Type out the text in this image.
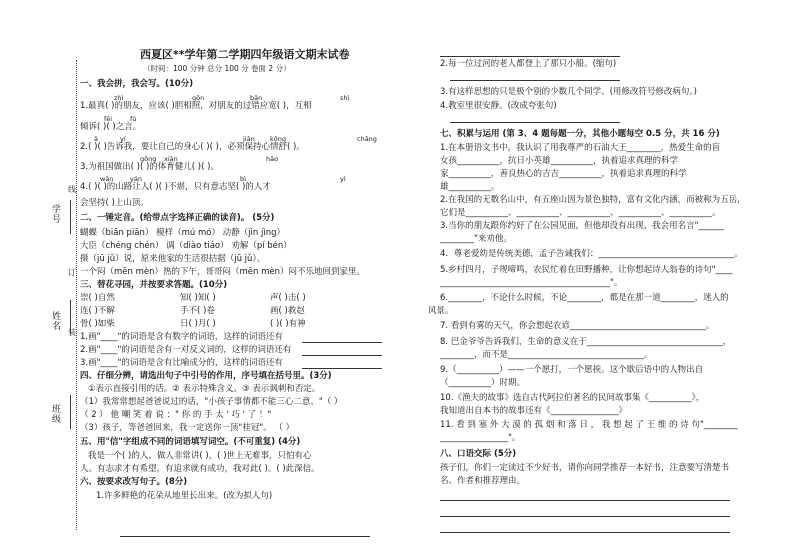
学号
姓名
班级
线
订
装
西夏区**学年第二学期四年级语文期末试卷
（时间：100 分钟 总分 100 分 卷面 2 分）
一、我会拼，我会写。(10分)
zhì	gōn	bān	shì
1.最真( )的朋友，应该( )胆相照，对朋友的过错应宽( )，互相
fěi	fǔ
倾诉( )( )之言。
ā	yí	jiān kōng	chāng
2.( )( )告诉我，要让自己的身心( )( )，必须保持心情舒( )。
gōng xiān	hǎo
3.为祖国做出( )( )的体育健儿( )( )。
wān	yán	bì	yì
4.( )( )的山路让人( )( )不堪，只有意志坚( )的人才
会坚持( )上山顶。
二、一锤定音。(给带点字选择正确的读音)。 (5分)
蝴蝶（biān piān） 模样（mú mó） 动静（jìn jìng）
大臣（chéng chén） 调（diào tiáo） 劝解（pí bén）
摄（jū jǔ）说，原来他家的生活很拮据（jū jǔ）。
一个闷（mēn mèn）热的下午，哥哥闷（mēn mèn）闷不乐地回到家里。
三、替花寻园，并按要求答题。(10分)
崇( )自然	知( )知( )	声( )击( )
连( )不解	手不( )卷	画( )救赵
骨( )如柴	日( )月( )	( )( )有神
1.画"____"的词语是含有数字的词语，这样的词语还有
2.画"____"的词语是含有一对反义词的，这样的词语还有
3.画"____"的词语是含有比喻成分的，这样的词语还有
四、仔细分辨，请选出句子中引号的作用，序号填在括号里。(3分)
①表示直接引用的话。② 表示特殊含义。③ 表示讽刺和否定。
（1）我常常想起爸爸说过的话，"小孩子事情都不能三心二意。"（ ）
（ 2 ） 他 嘲 笑 着 说 ：" 你 的 手 太 ' 巧 ' 了 ！"
（3）孩子，等爸爸回来，我一定送你一顶"桂冠"。 （ ）
五、用"信"字组成不同的词语填写词空。(不可重复) (4分)
我是一个( )的人，做人非常讲( )，( )世上无难事，只怕有心
人。有志求才有希望，有追求就有成功，我对此( )。( )此深信。
六、按要求改写句子。(8分)
1.许多鲜艳的花朵从地里长出来。(改为拟人句)
2.每一位过河的老人都登上了那只小船。(缩句)
3.有这样思想的只是极个别的少数几个同学。(用修改符号修改病句。)
4.教室里很安静。(改成夸张句)
七、积累与运用 (第 3、4 题每题一分，其他小题每空 0.5 分，共 16 分)
1.在本册语文书中，我认识了用我尊严的石油大王________，热爱生命的盲
女孩__________，抗日小英雄__________，执着追求真理的科学
家__________，善良热心的吉吉__________，执着追求真理的科学
雄__________。
2.在我国的无数名山中，有五座山因为景色独特，富有文化内涵，而被称为五岳，
它们是__________、__________、__________、__________、__________。
3.当你的朋友跟你约好了在公园见面，但他却没有出现，我会用名言"______
________"来劝他。
4．尊老爱幼是传统美德，孟子告诫我们：________________________________。
5.乡村四月，子规啼鸣，农民忙着在田野播种，让你想起诗人翁卷的诗句"____
________________________________________"。
6.________，不论什么时候，不论________，都是在那一道________，迷人的
风景。
7. 看到有雾的天气，你会想起农谚________________________________。
8. 巴金爷爷告诉我们，生命的意义在于________________________________，
________，而不是________________________________。
9.（__________）——一个愿打，一个愿挨。这个歇后语中的人物出自
（__________）时期。
10.《渔夫的故事》选自古代阿拉伯著名的民间故事集《__________》，
我知道出自本书的故事还有《________________》
11. 看 到 塞 外 大 漠 的 孤 烟 和 落 日 ， 我 想 起 了 王 维 的 诗 句"________
________________"。
八、口语交际 (5分)
孩子们，你们一定读过不少好书，请你向同学推荐一本好书，注意要写清楚书
名、作者和推荐理由。
